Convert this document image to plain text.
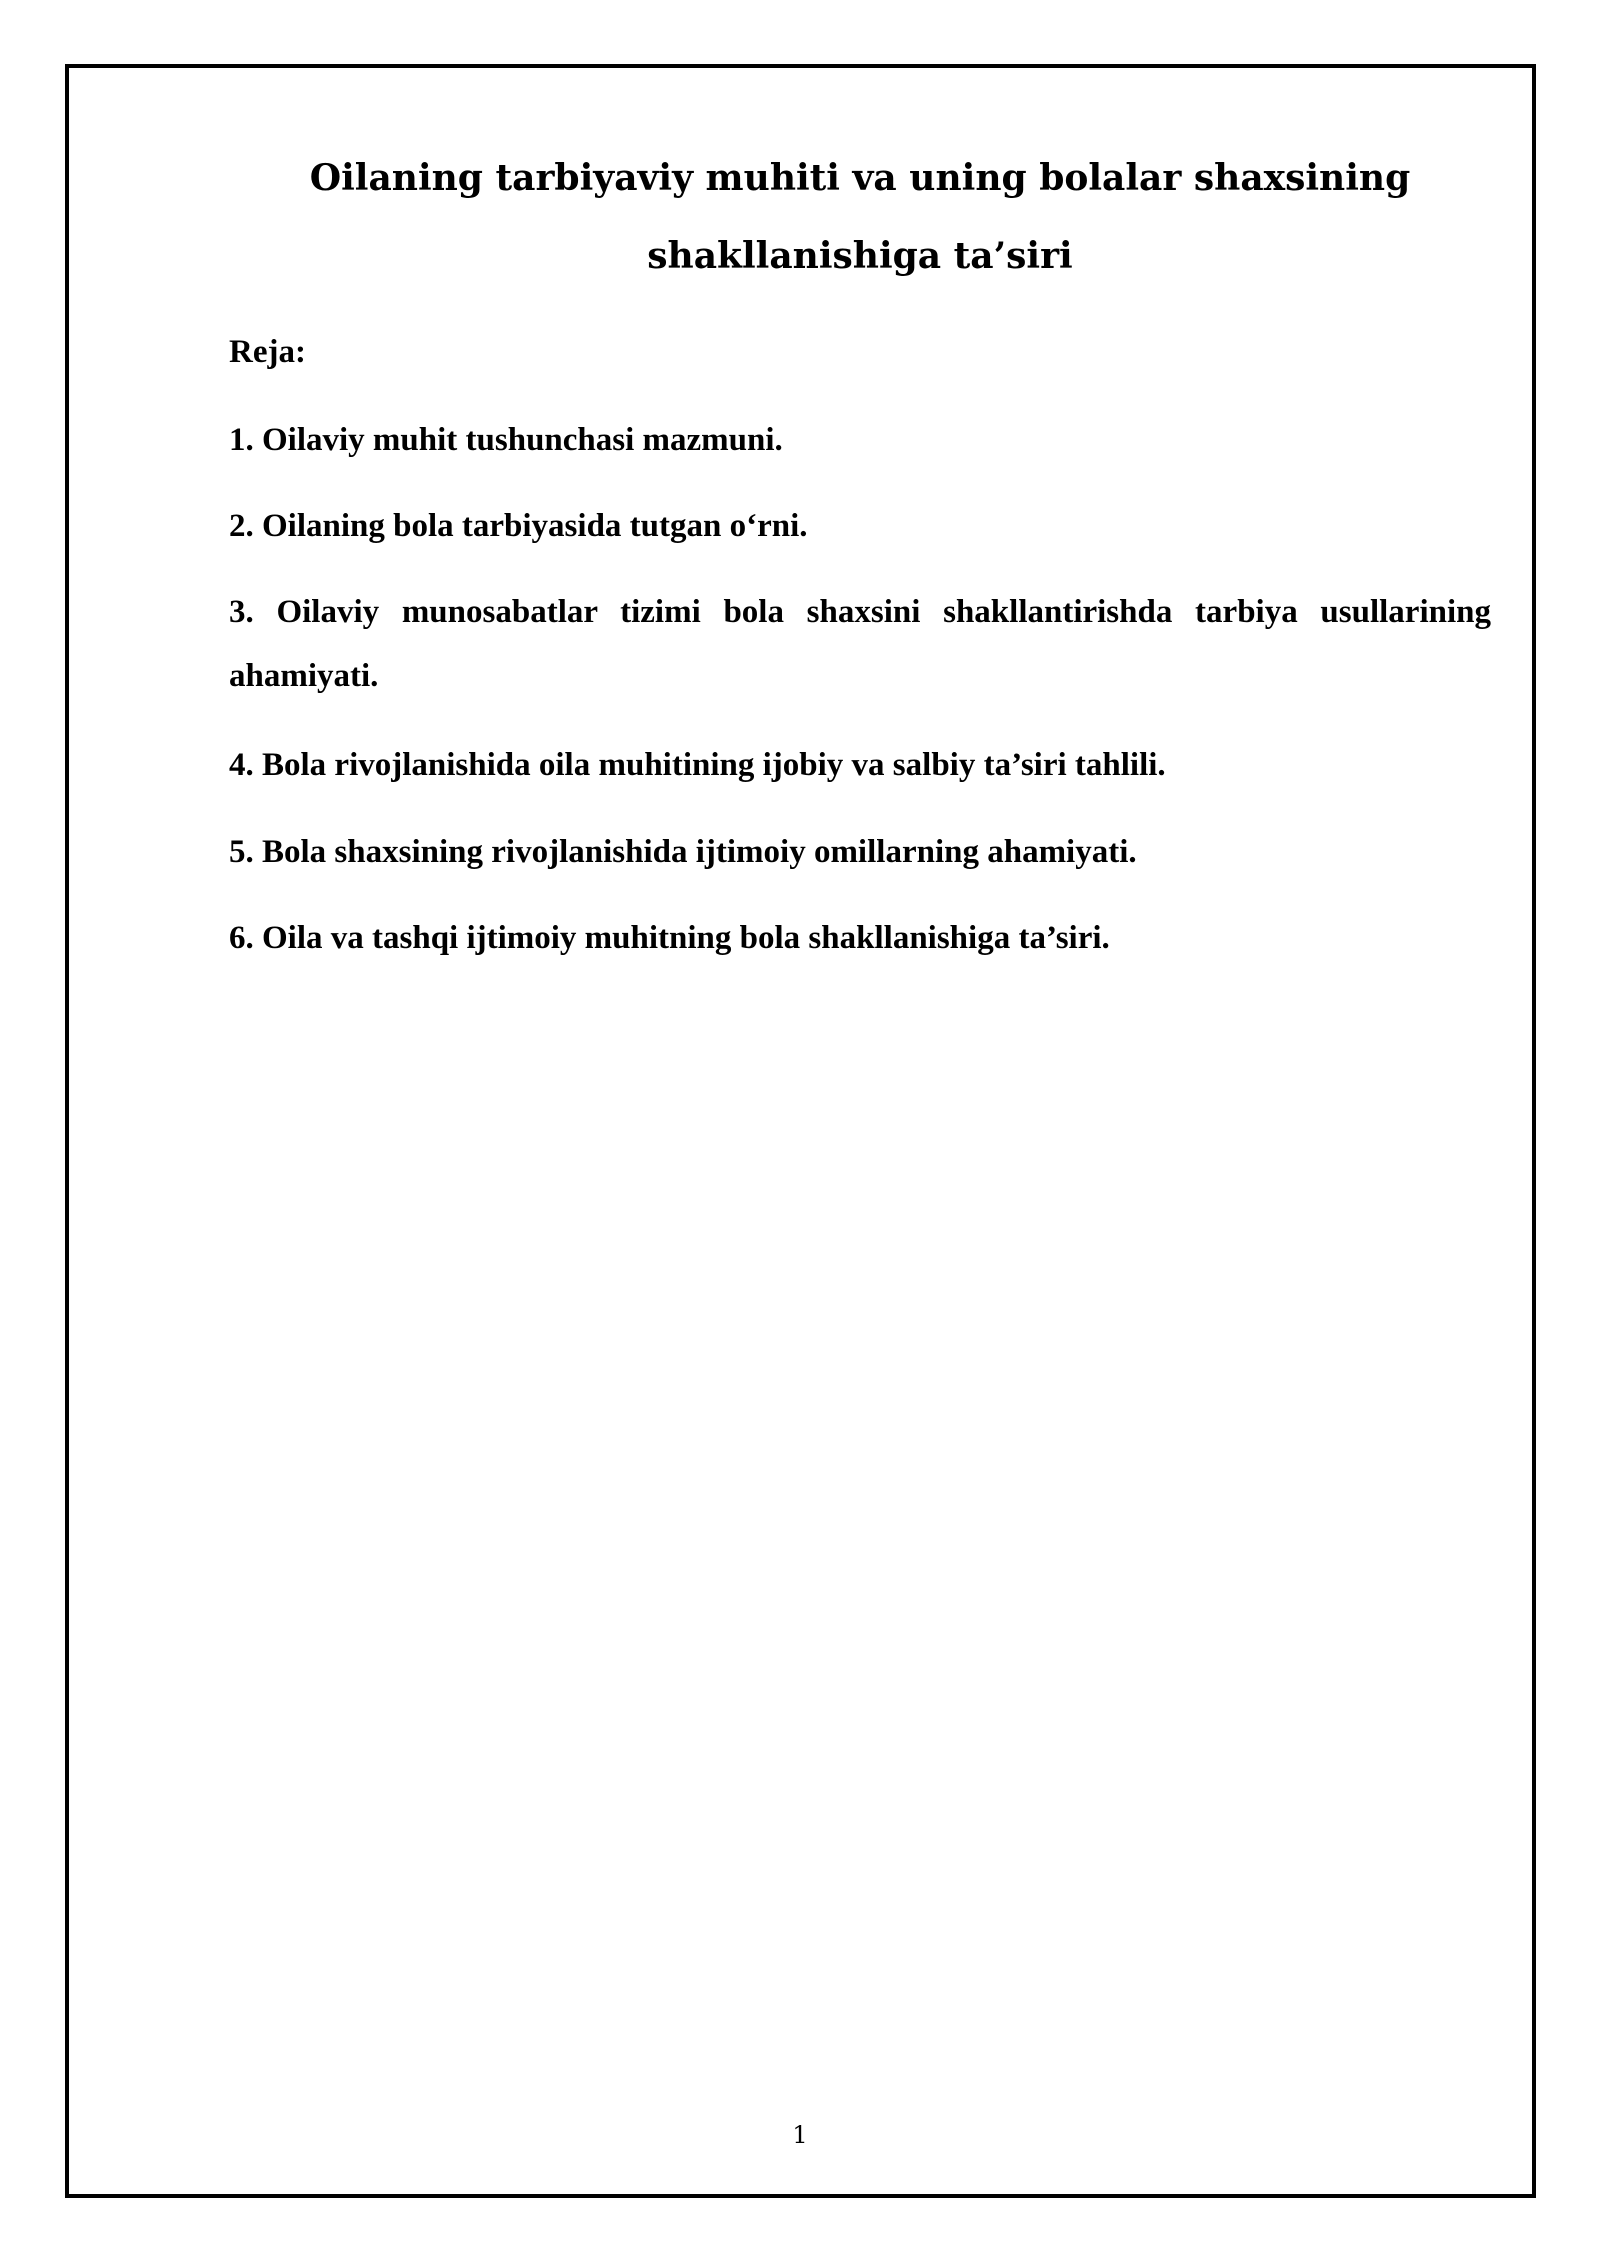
Oilaning tarbiyaviy muhiti va uning bolalar shaxsining
shakllanishiga ta’siri

Reja:

1. Oilaviy muhit tushunchasi mazmuni.

2. Oilaning bola tarbiyasida tutgan o‘rni.

3. Oilaviy munosabatlar tizimi bola shaxsini shakllantirishda tarbiya usullarining ahamiyati.

4. Bola rivojlanishida oila muhitining ijobiy va salbiy ta’siri tahlili.

5. Bola shaxsining rivojlanishida ijtimoiy omillarning ahamiyati.

6. Oila va tashqi ijtimoiy muhitning bola shakllanishiga ta’siri.

1
